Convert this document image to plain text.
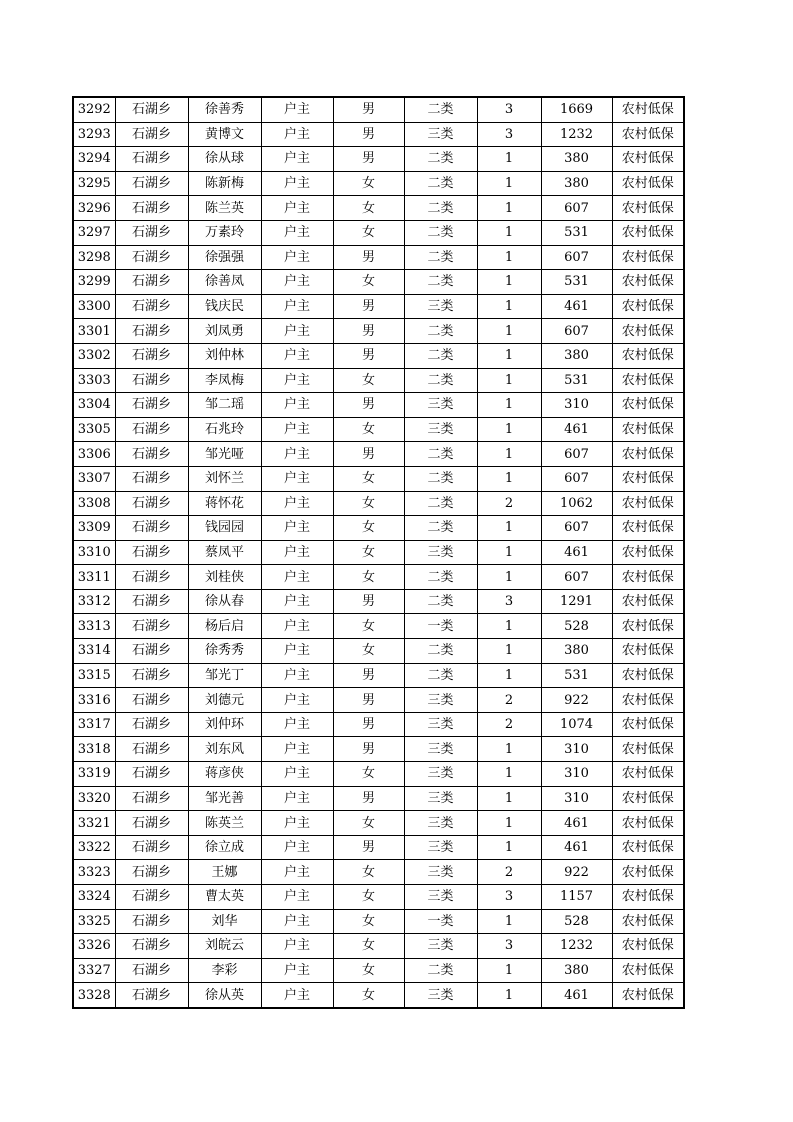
3292	石湖乡	徐善秀	户主	男	二类	3	1669	农村低保
3293	石湖乡	黄博文	户主	男	三类	3	1232	农村低保
3294	石湖乡	徐从球	户主	男	二类	1	380	农村低保
3295	石湖乡	陈新梅	户主	女	二类	1	380	农村低保
3296	石湖乡	陈兰英	户主	女	二类	1	607	农村低保
3297	石湖乡	万素玲	户主	女	二类	1	531	农村低保
3298	石湖乡	徐强强	户主	男	二类	1	607	农村低保
3299	石湖乡	徐善凤	户主	女	二类	1	531	农村低保
3300	石湖乡	钱庆民	户主	男	三类	1	461	农村低保
3301	石湖乡	刘凤勇	户主	男	二类	1	607	农村低保
3302	石湖乡	刘仲林	户主	男	二类	1	380	农村低保
3303	石湖乡	李凤梅	户主	女	二类	1	531	农村低保
3304	石湖乡	邹二瑶	户主	男	三类	1	310	农村低保
3305	石湖乡	石兆玲	户主	女	三类	1	461	农村低保
3306	石湖乡	邹光哑	户主	男	二类	1	607	农村低保
3307	石湖乡	刘怀兰	户主	女	二类	1	607	农村低保
3308	石湖乡	蒋怀花	户主	女	二类	2	1062	农村低保
3309	石湖乡	钱园园	户主	女	二类	1	607	农村低保
3310	石湖乡	蔡凤平	户主	女	三类	1	461	农村低保
3311	石湖乡	刘桂侠	户主	女	二类	1	607	农村低保
3312	石湖乡	徐从春	户主	男	二类	3	1291	农村低保
3313	石湖乡	杨后启	户主	女	一类	1	528	农村低保
3314	石湖乡	徐秀秀	户主	女	二类	1	380	农村低保
3315	石湖乡	邹光丁	户主	男	二类	1	531	农村低保
3316	石湖乡	刘德元	户主	男	三类	2	922	农村低保
3317	石湖乡	刘仲环	户主	男	三类	2	1074	农村低保
3318	石湖乡	刘东风	户主	男	三类	1	310	农村低保
3319	石湖乡	蒋彦侠	户主	女	三类	1	310	农村低保
3320	石湖乡	邹光善	户主	男	三类	1	310	农村低保
3321	石湖乡	陈英兰	户主	女	三类	1	461	农村低保
3322	石湖乡	徐立成	户主	男	三类	1	461	农村低保
3323	石湖乡	王娜	户主	女	三类	2	922	农村低保
3324	石湖乡	曹太英	户主	女	三类	3	1157	农村低保
3325	石湖乡	刘华	户主	女	一类	1	528	农村低保
3326	石湖乡	刘皖云	户主	女	三类	3	1232	农村低保
3327	石湖乡	李彩	户主	女	二类	1	380	农村低保
3328	石湖乡	徐从英	户主	女	三类	1	461	农村低保
